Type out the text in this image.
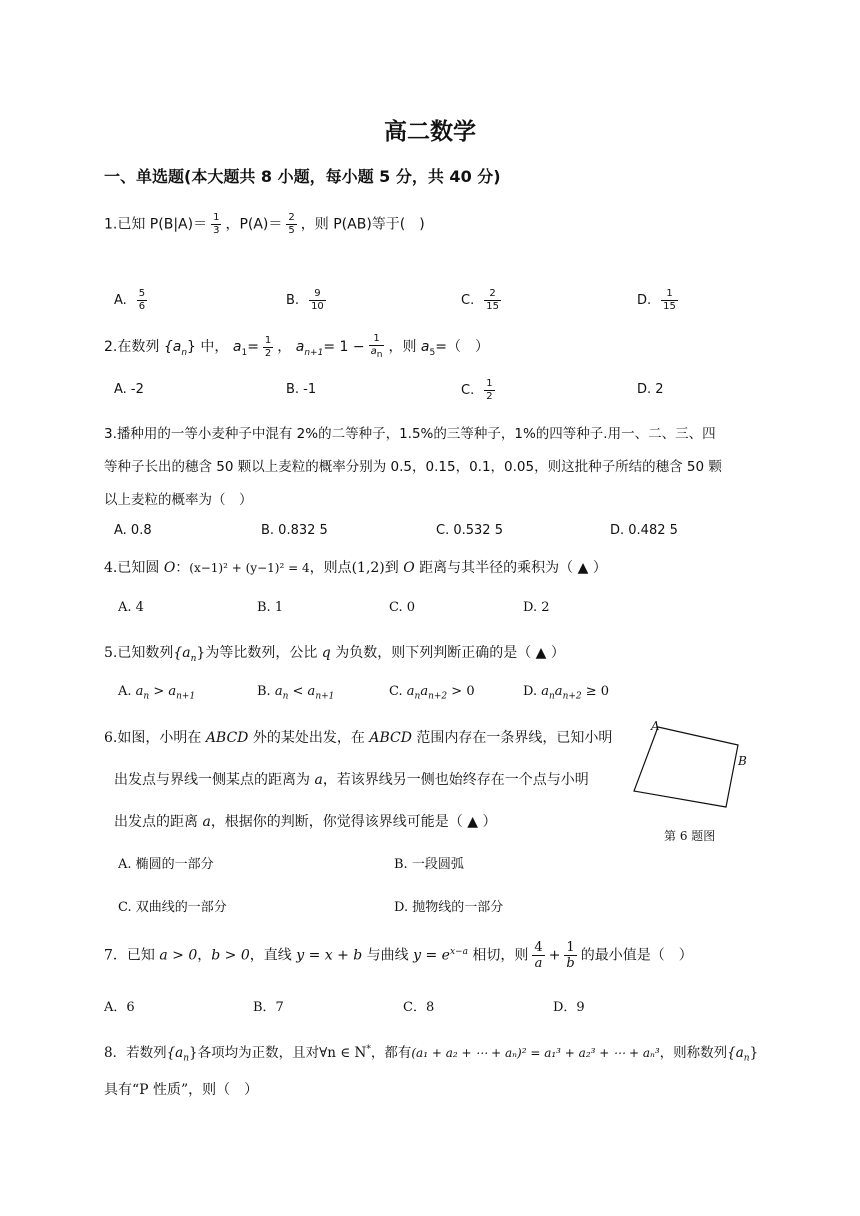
高二数学
一、单选题(本大题共 8 小题，每小题 5 分，共 40 分)
1.已知 $P(B|A)= \frac{1}{3}$ ，$P(A)= \frac{2}{5}$ ，则 P(AB)等于(　)
A. $\frac{5}{6}$	B. $\frac{9}{10}$	C. $\frac{2}{15}$	D. $\frac{1}{15}$
2.在数列 $\{a_n\}$ 中， $a_1= \frac{1}{2}$ ， $a_{n+1}= 1 - \frac{1}{a_n}$ ，则 $a_5=$（　）
A. -2	B. -1	C. $\frac{1}{2}$	D. 2
3.播种用的一等小麦种子中混有 2%的二等种子，1.5%的三等种子，1%的四等种子.用一、二、三、四
等种子长出的穗含 50 颗以上麦粒的概率分别为 0.5，0.15，0.1，0.05，则这批种子所结的穗含 50 颗
以上麦粒的概率为（　）
A. 0.8	B. 0.832 5	C. 0.532 5	D. 0.482 5
4.已知圆 O：(x−1)² + (y−1)² = 4，则点(1,2)到 O 距离与其半径的乘积为（ ▲ ）
A. 4	B. 1	C. 0	D. 2
5.已知数列$\{a_n\}$为等比数列，公比 q 为负数，则下列判断正确的是（ ▲ ）
A. $a_n > a_{n+1}$	B. $a_n < a_{n+1}$	C. $a_na_{n+2} > 0$	D. $a_na_{n+2} \ge 0$
6.如图，小明在 ABCD 外的某处出发，在 ABCD 范围内存在一条界线，已知小明
出发点与界线一侧某点的距离为 a，若该界线另一侧也始终存在一个点与小明
出发点的距离 a，根据你的判断，你觉得该界线可能是（ ▲ ）
A
B
第 6 题图
A. 椭圆的一部分	B. 一段圆弧
C. 双曲线的一部分	D. 抛物线的一部分
7．已知 a > 0，b > 0，直线 y = x + b 与曲线 $y = e^{x-a}$ 相切，则 $\frac{4}{a} + \frac{1}{b}$ 的最小值是（　）
A．6	B．7	C．8	D．9
8．若数列$\{a_n\}$各项均为正数，且对∀n ∈ N*，都有(a₁ + a₂ + ⋯ + aₙ)² = a₁³ + a₂³ + ⋯ + aₙ³，则称数列$\{a_n\}$
具有“P 性质”，则（　）
